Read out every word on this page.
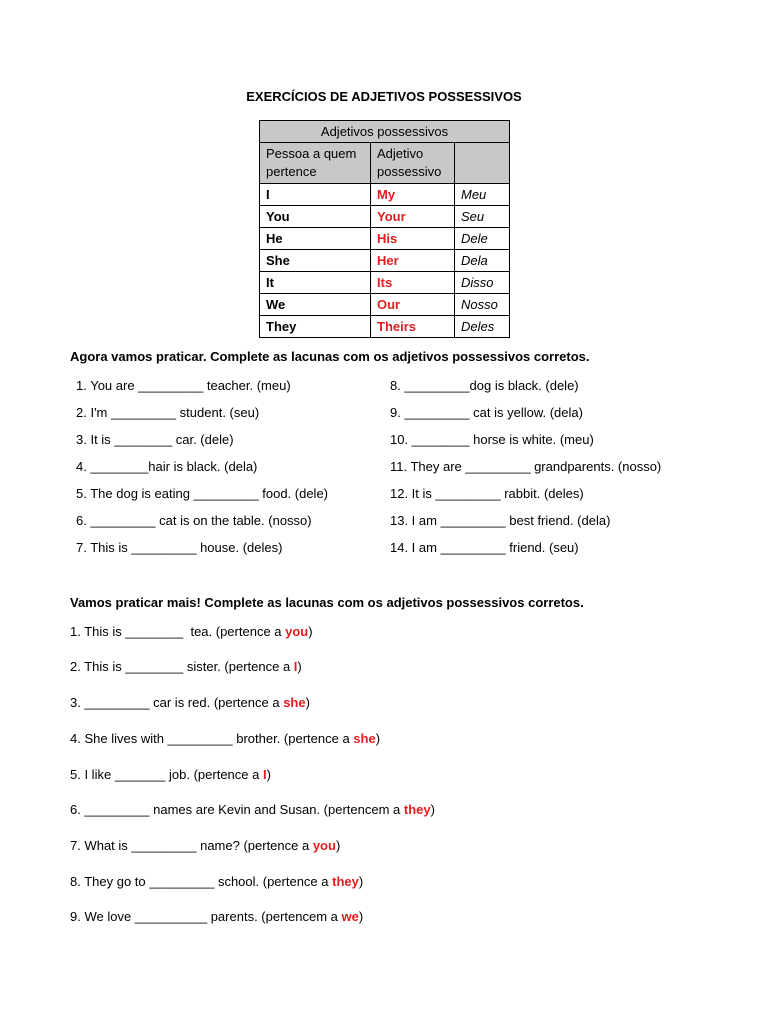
EXERCÍCIOS DE ADJETIVOS POSSESSIVOS
Adjetivos possessivos		
Pessoa a quem pertence	Adjetivo possessivo	
I	My	Meu
You	Your	Seu
He	His	Dele
She	Her	Dela
It	Its	Disso
We	Our	Nosso
They	Theirs	Deles
Agora vamos praticar. Complete as lacunas com os adjetivos possessivos corretos.
1. You are _________ teacher. (meu)
2. I'm _________ student. (seu)
3. It is ________ car. (dele)
4. ________hair is black. (dela)
5. The dog is eating _________ food. (dele)
6. _________ cat is on the table. (nosso)
7. This is _________ house. (deles)
8. _________dog is black. (dele)
9. _________ cat is yellow. (dela)
10. ________ horse is white. (meu)
11. They are _________ grandparents. (nosso)
12. It is _________ rabbit. (deles)
13. I am _________ best friend. (dela)
14. I am _________ friend. (seu)
Vamos praticar mais! Complete as lacunas com os adjetivos possessivos corretos.
1. This is ________  tea. (pertence a you)
2. This is ________ sister. (pertence a I)
3. _________ car is red. (pertence a she)
4. She lives with _________ brother. (pertence a she)
5. I like _______ job. (pertence a I)
6. _________ names are Kevin and Susan. (pertencem a they)
7. What is _________ name? (pertence a you)
8. They go to _________ school. (pertence a they)
9. We love __________ parents. (pertencem a we)
